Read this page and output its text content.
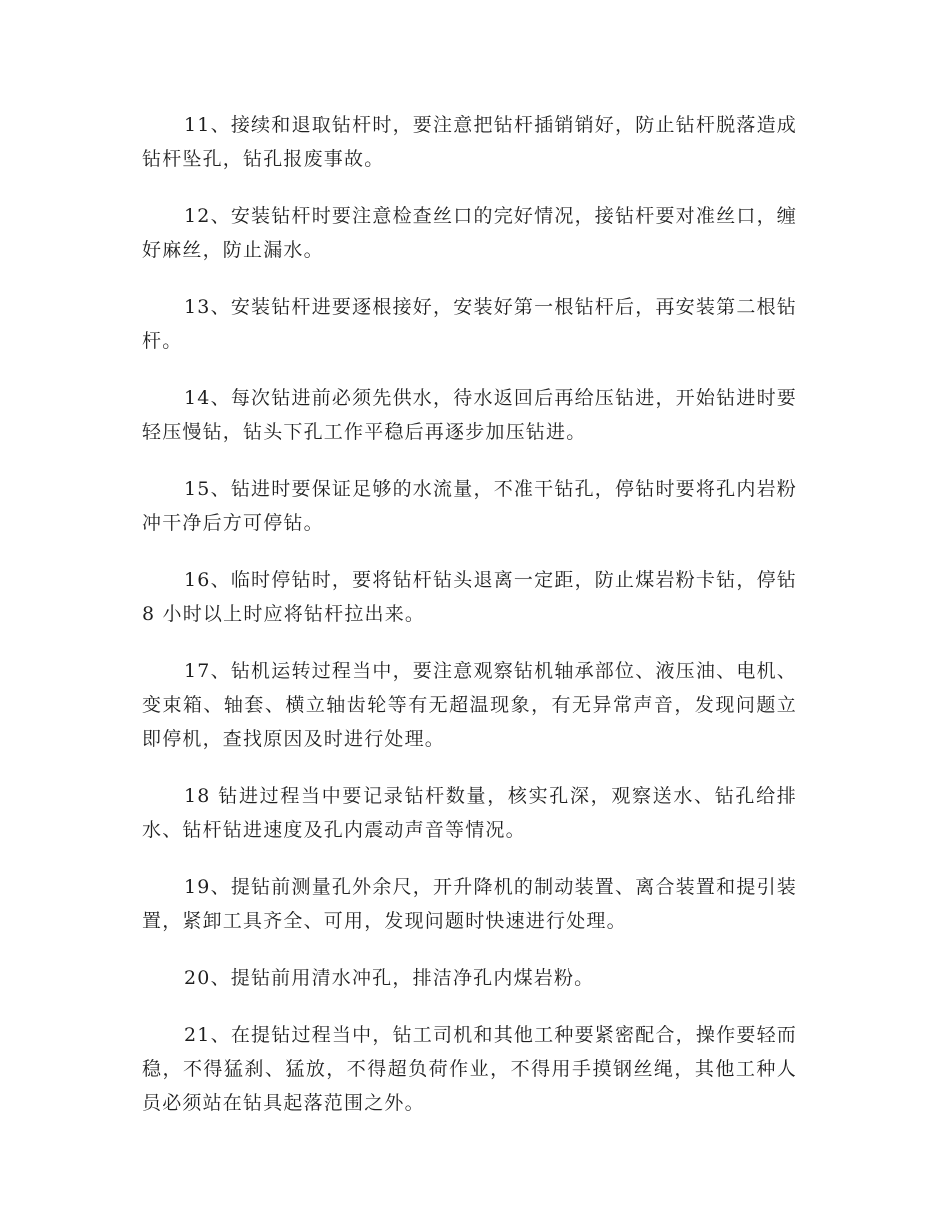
11、接续和退取钻杆时，要注意把钻杆插销销好，防止钻杆脱落造成钻杆坠孔，钻孔报废事故。

12、安装钻杆时要注意检查丝口的完好情况，接钻杆要对准丝口，缠好麻丝，防止漏水。

13、安装钻杆进要逐根接好，安装好第一根钻杆后，再安装第二根钻杆。

14、每次钻进前必须先供水，待水返回后再给压钻进，开始钻进时要轻压慢钻，钻头下孔工作平稳后再逐步加压钻进。

15、钻进时要保证足够的水流量，不准干钻孔，停钻时要将孔内岩粉冲干净后方可停钻。

16、临时停钻时，要将钻杆钻头退离一定距，防止煤岩粉卡钻，停钻 8 小时以上时应将钻杆拉出来。

17、钻机运转过程当中，要注意观察钻机轴承部位、液压油、电机、变束箱、轴套、横立轴齿轮等有无超温现象，有无异常声音，发现问题立即停机，查找原因及时进行处理。

18 钻进过程当中要记录钻杆数量，核实孔深，观察送水、钻孔给排水、钻杆钻进速度及孔内震动声音等情况。

19、提钻前测量孔外余尺，开升降机的制动装置、离合装置和提引装置，紧卸工具齐全、可用，发现问题时快速进行处理。

20、提钻前用清水冲孔，排洁净孔内煤岩粉。

21、在提钻过程当中，钻工司机和其他工种要紧密配合，操作要轻而稳，不得猛刹、猛放，不得超负荷作业，不得用手摸钢丝绳，其他工种人员必须站在钻具起落范围之外。
